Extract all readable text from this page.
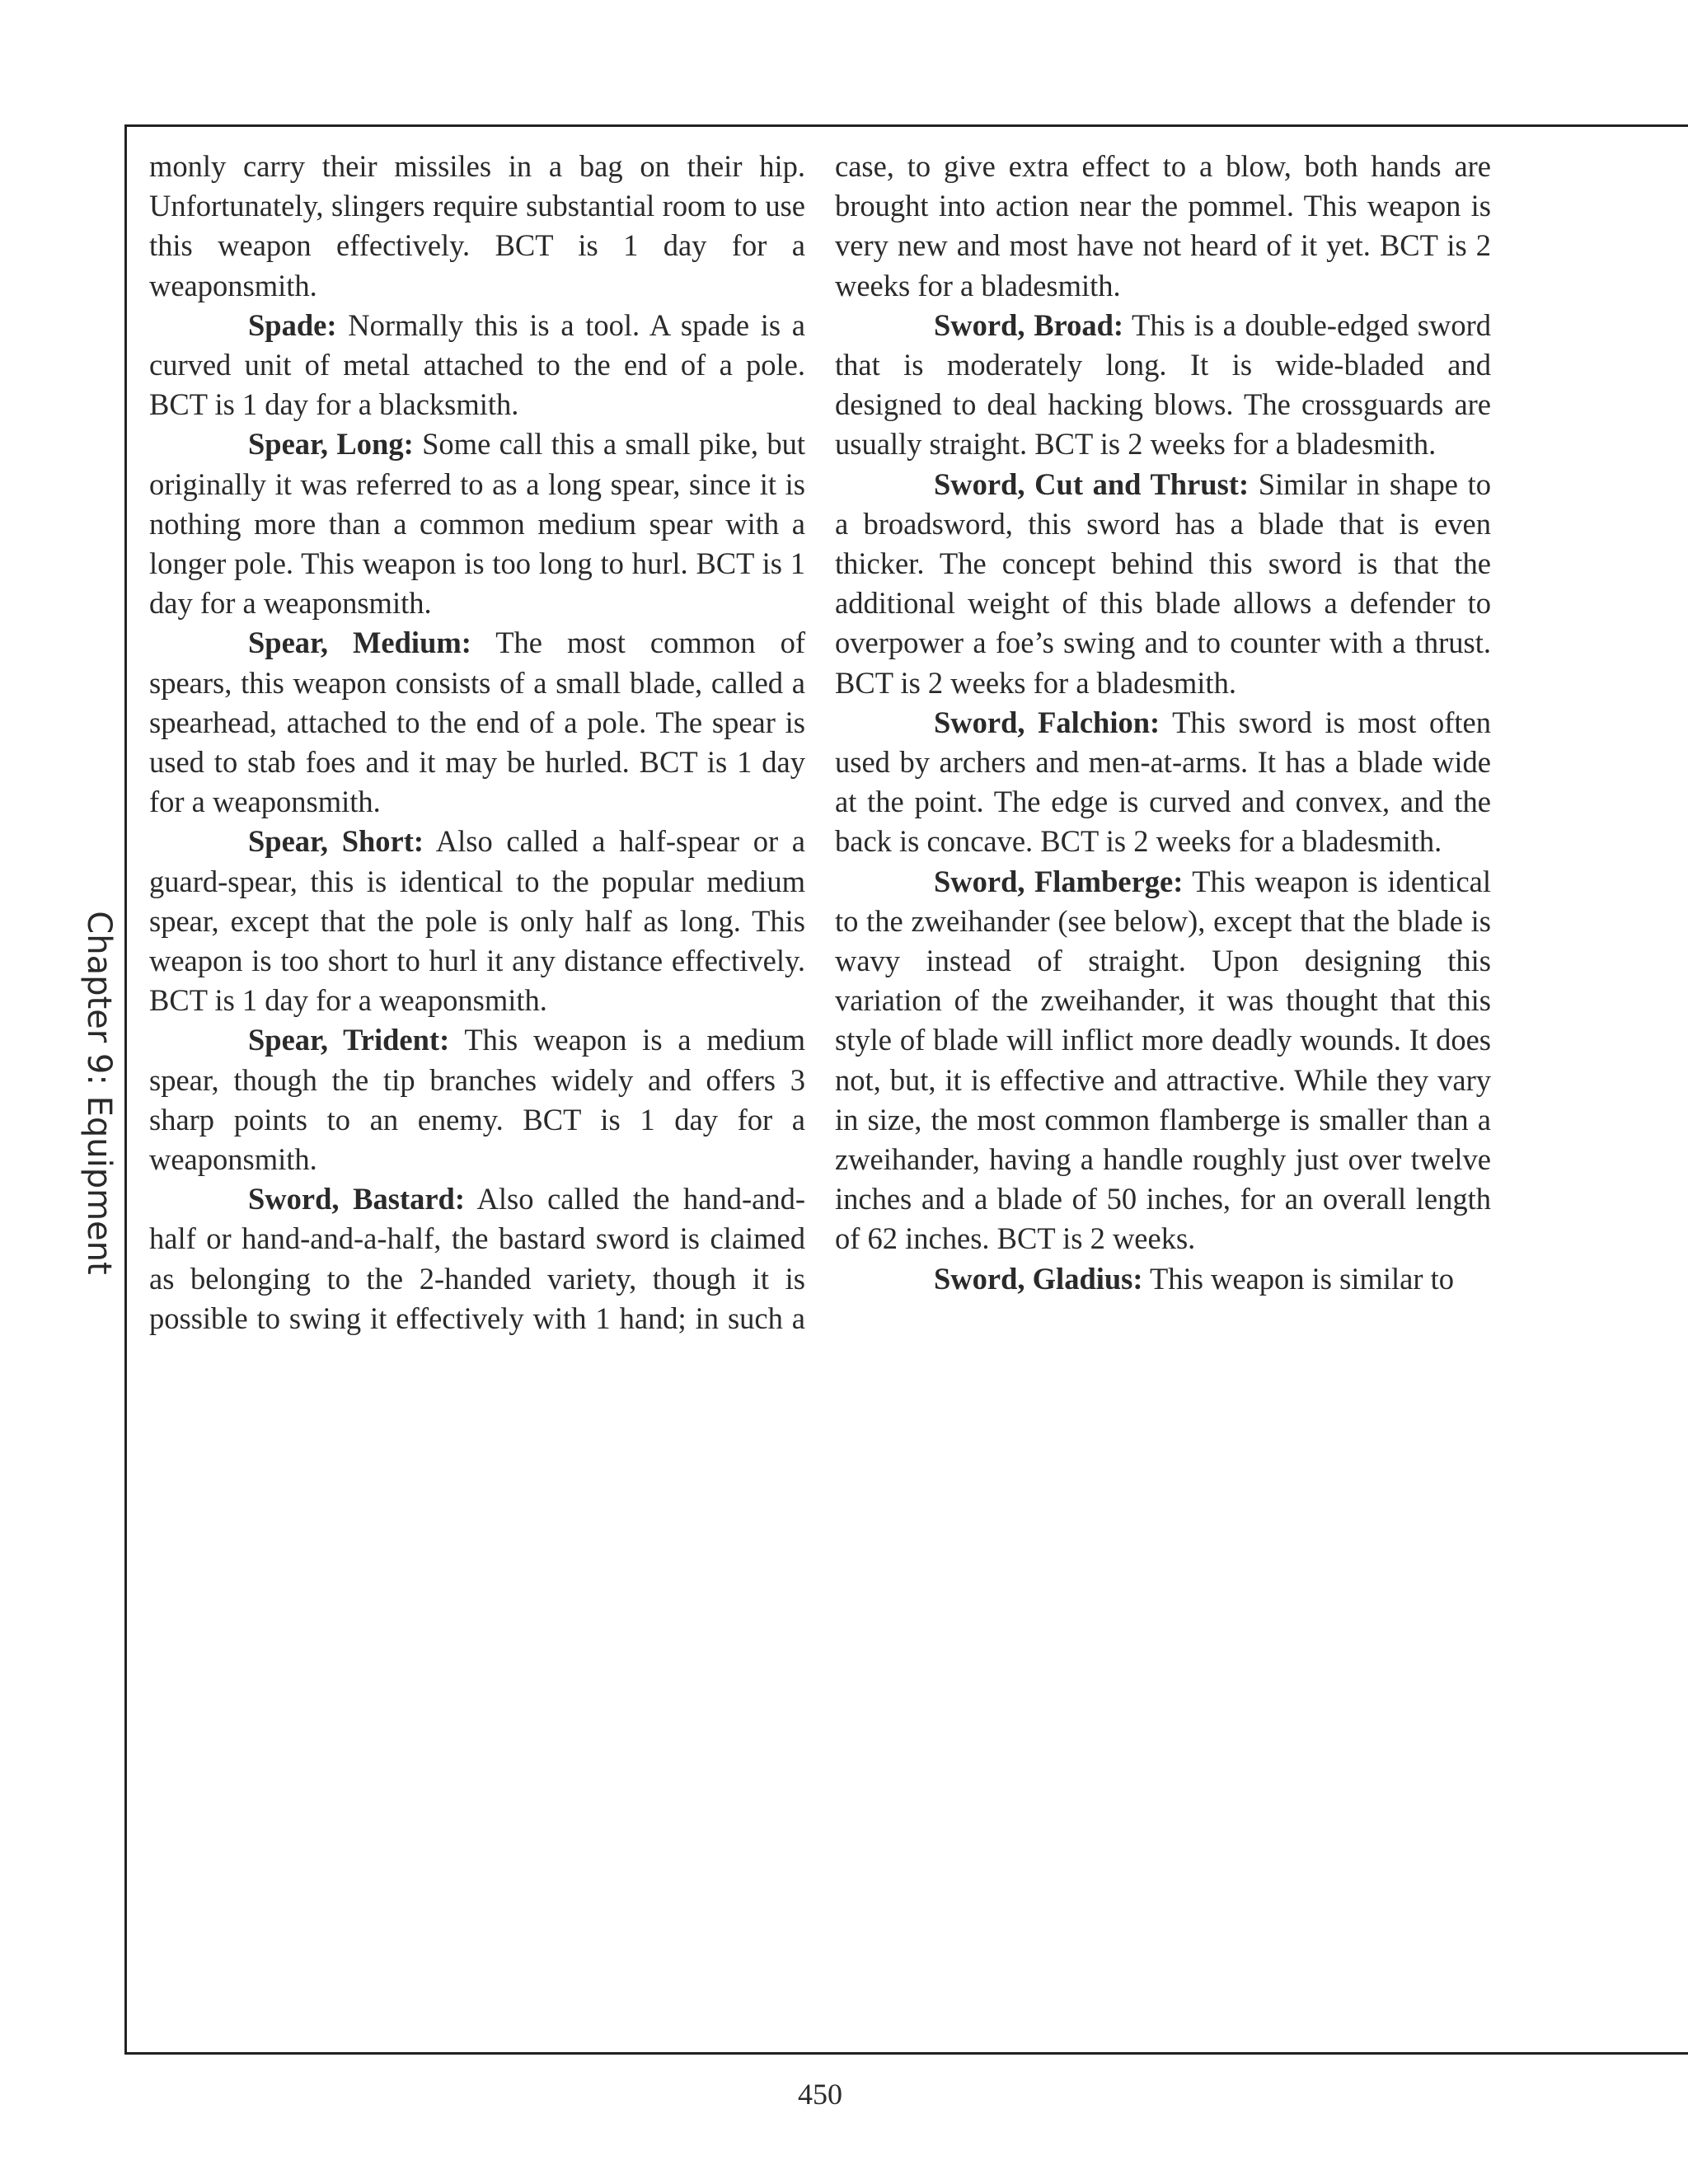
Chapter 9: Equipment

monly carry their missiles in a bag on their hip. Unfortunately, slingers require substantial room to use this weapon effectively. BCT is 1 day for a weaponsmith.

Spade: Normally this is a tool. A spade is a curved unit of metal attached to the end of a pole. BCT is 1 day for a blacksmith.

Spear, Long: Some call this a small pike, but originally it was referred to as a long spear, since it is nothing more than a common medium spear with a longer pole. This weapon is too long to hurl. BCT is 1 day for a weaponsmith.

Spear, Medium: The most common of spears, this weapon consists of a small blade, called a spearhead, attached to the end of a pole. The spear is used to stab foes and it may be hurled. BCT is 1 day for a weaponsmith.

Spear, Short: Also called a half-spear or a guard-spear, this is identical to the popular medium spear, except that the pole is only half as long. This weapon is too short to hurl it any distance effectively. BCT is 1 day for a weaponsmith.

Spear, Trident: This weapon is a medium spear, though the tip branches widely and offers 3 sharp points to an enemy. BCT is 1 day for a weaponsmith.

Sword, Bastard: Also called the hand-and-half or hand-and-a-half, the bastard sword is claimed as belonging to the 2-handed variety, though it is possible to swing it effectively with 1 hand; in such a

case, to give extra effect to a blow, both hands are brought into action near the pommel. This weapon is very new and most have not heard of it yet. BCT is 2 weeks for a bladesmith.

Sword, Broad: This is a double-edged sword that is moderately long. It is wide-bladed and designed to deal hacking blows. The crossguards are usually straight. BCT is 2 weeks for a bladesmith.

Sword, Cut and Thrust: Similar in shape to a broadsword, this sword has a blade that is even thicker. The concept behind this sword is that the additional weight of this blade allows a defender to overpower a foe’s swing and to counter with a thrust. BCT is 2 weeks for a bladesmith.

Sword, Falchion: This sword is most often used by archers and men-at-arms. It has a blade wide at the point. The edge is curved and convex, and the back is concave. BCT is 2 weeks for a bladesmith.

Sword, Flamberge: This weapon is identical to the zweihander (see below), except that the blade is wavy instead of straight. Upon designing this variation of the zweihander, it was thought that this style of blade will inflict more deadly wounds. It does not, but, it is effective and attractive. While they vary in size, the most common flamberge is smaller than a zweihander, having a handle roughly just over twelve inches and a blade of 50 inches, for an overall length of 62 inches. BCT is 2 weeks.

Sword, Gladius: This weapon is similar to

450
